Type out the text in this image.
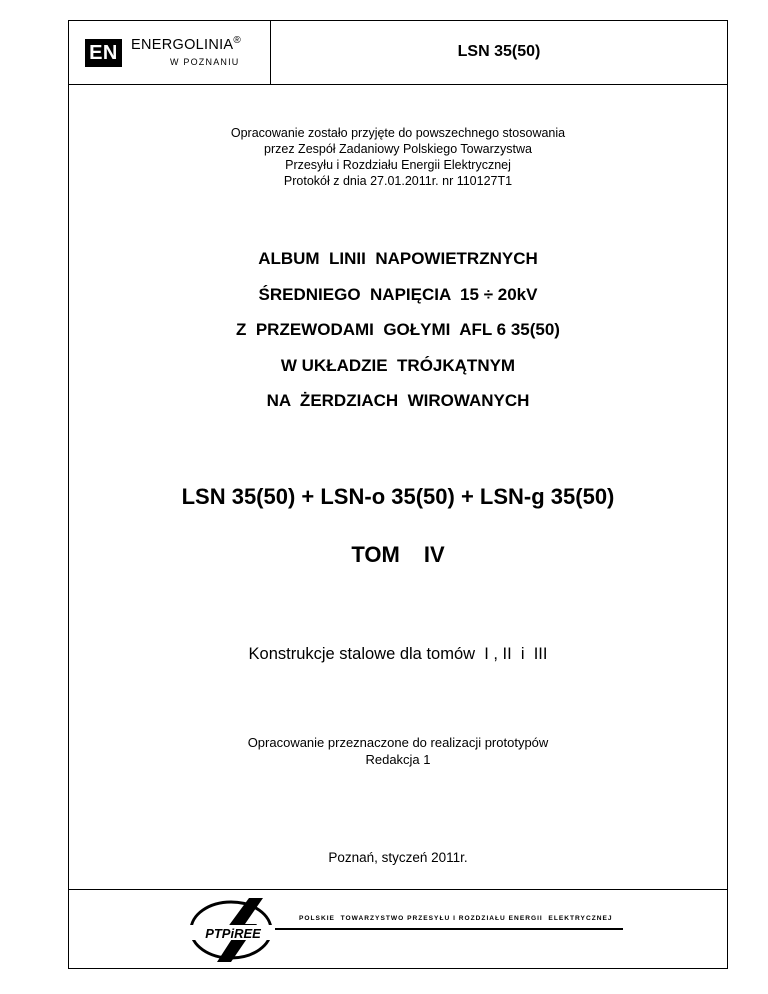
EN ENERGOLINIA®
W POZNANIU
LSN 35(50)
Opracowanie zostało przyjęte do powszechnego stosowania
przez Zespół Zadaniowy Polskiego Towarzystwa
Przesyłu i Rozdziału Energii Elektrycznej
Protokół z dnia 27.01.2011r. nr 110127T1
ALBUM  LINII  NAPOWIETRZNYCH
ŚREDNIEGO  NAPIĘCIA  15 ÷ 20kV
Z  PRZEWODAMI  GOŁYMI  AFL 6 35(50)
W UKŁADZIE  TRÓJKĄTNYM
NA  ŻERDZIACH  WIROWANYCH
LSN 35(50) + LSN-o 35(50) + LSN-g 35(50)
TOM IV
Konstrukcje stalowe dla tomów  I , II  i  III
Opracowanie przeznaczone do realizacji prototypów
Redakcja 1
Poznań, styczeń 2011r.
PTPiREE
POLSKIE  TOWARZYSTWO PRZESYŁU I ROZDZIAŁU ENERGII  ELEKTRYCZNEJ
